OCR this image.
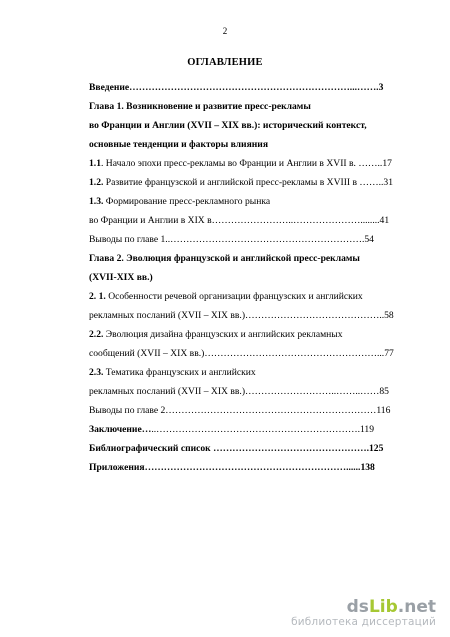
2
ОГЛАВЛЕНИЕ
Введение……………………………………………………………...…….3
Глава 1. Возникновение и развитие пресс-рекламы
во Франции и Англии (XVII – XIX вв.): исторический контекст,
основные тенденции и факторы влияния
1.1. Начало эпохи пресс-рекламы во Франции и Англии в XVII в. ……..17
1.2. Развитие французской и английской пресс-рекламы в XVIII в ……..31
1.3. Формирование пресс-рекламного рынка
во Франции и Англии в XIX в……………………..…………………........41
Выводы по главе 1..…………………………………………………….54
Глава 2. Эволюция французской и английской пресс-рекламы
(XVII-XIX вв.)
2. 1. Особенности речевой организации французских и английских
рекламных посланий (XVII – XIX вв.)……………………………………..58
2.2. Эволюция дизайна французских и английских рекламных
сообщений (XVII – XIX вв.)………………………………………………...77
2.3. Тематика французских и английских
рекламных посланий (XVII – XIX вв.)………………………..……..……85
Выводы по главе 2…………………………………………………………116
Заключение…..……………………………………………………….119
Библиографический список ………………………………………….125
Приложения………………………………………………………......138
dsLib.net
библиотека диссертаций
